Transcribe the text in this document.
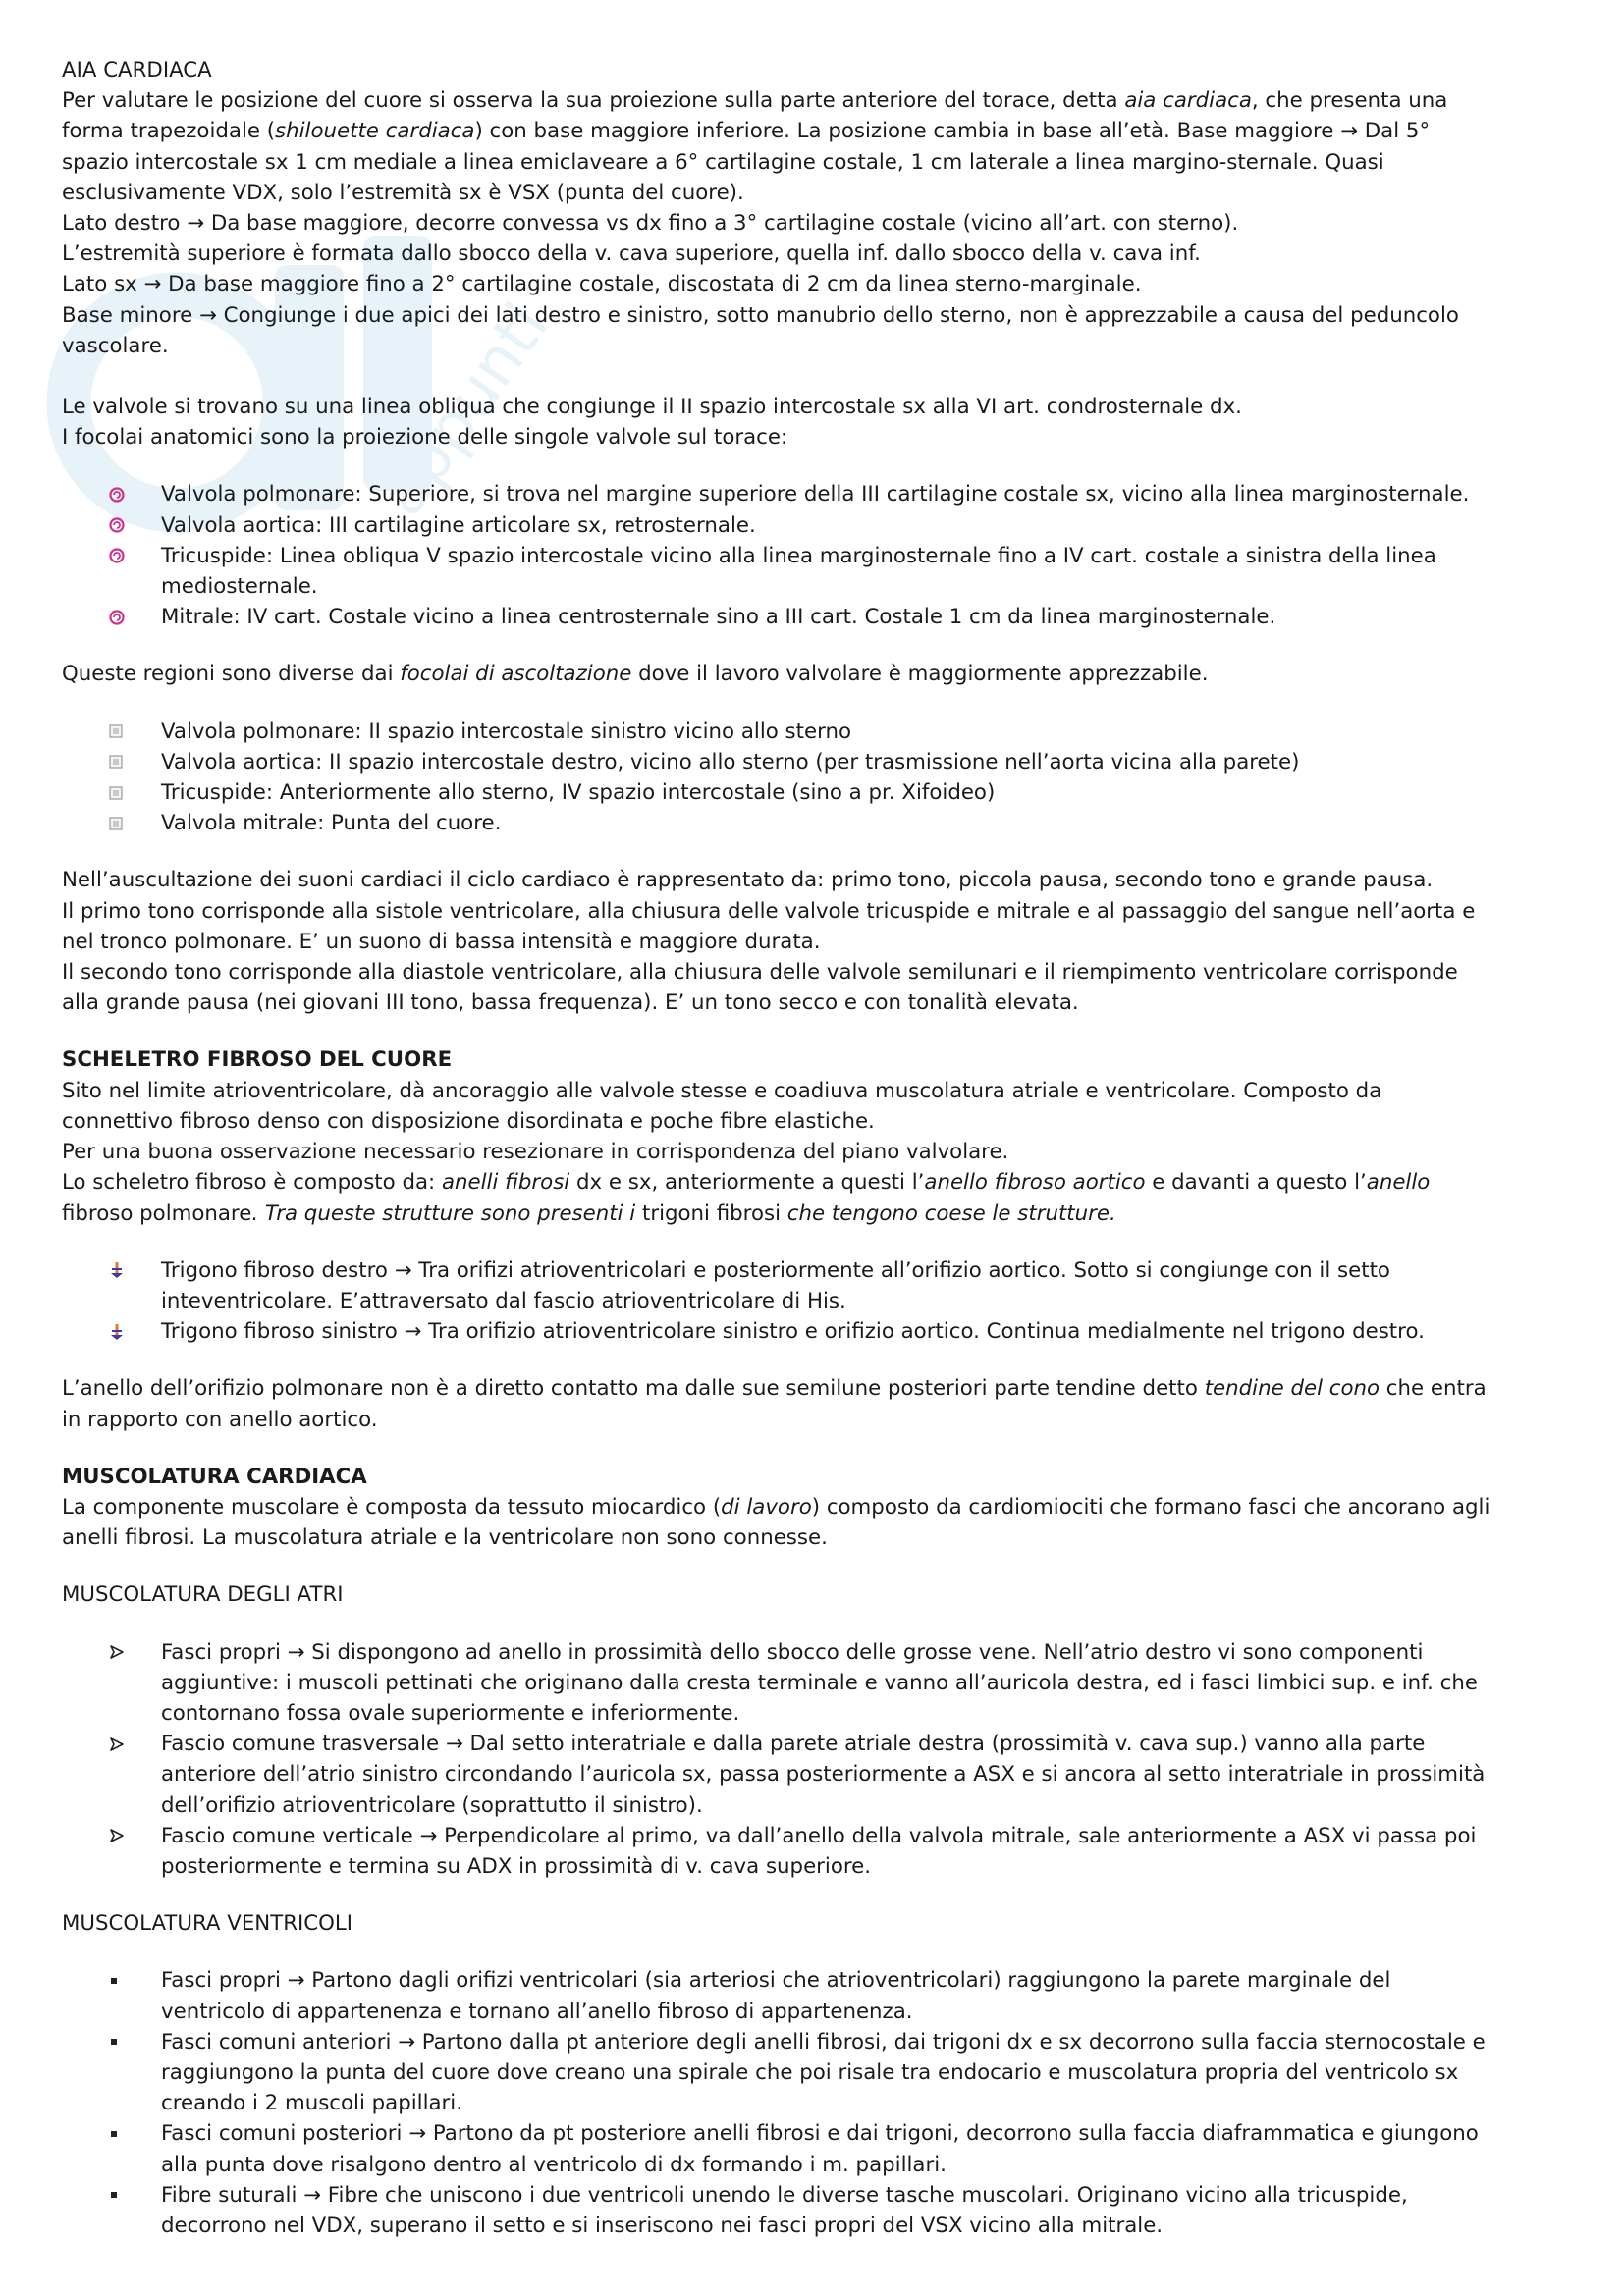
appunti

AIA CARDIACA

Per valutare le posizione del cuore si osserva la sua proiezione sulla parte anteriore del torace, detta aia cardiaca, che presenta una

forma trapezoidale (shilouette cardiaca) con base maggiore inferiore. La posizione cambia in base all’età. Base maggiore → Dal 5°

spazio intercostale sx 1 cm mediale a linea emiclaveare a 6° cartilagine costale, 1 cm laterale a linea margino-sternale. Quasi

esclusivamente VDX, solo l’estremità sx è VSX (punta del cuore).

Lato destro → Da base maggiore, decorre convessa vs dx fino a 3° cartilagine costale (vicino all’art. con sterno).

L’estremità superiore è formata dallo sbocco della v. cava superiore, quella inf. dallo sbocco della v. cava inf.

Lato sx → Da base maggiore fino a 2° cartilagine costale, discostata di 2 cm da linea sterno-marginale.

Base minore → Congiunge i due apici dei lati destro e sinistro, sotto manubrio dello sterno, non è apprezzabile a causa del peduncolo

vascolare.

Le valvole si trovano su una linea obliqua che congiunge il II spazio intercostale sx alla VI art. condrosternale dx.

I focolai anatomici sono la proiezione delle singole valvole sul torace:

Valvola polmonare: Superiore, si trova nel margine superiore della III cartilagine costale sx, vicino alla linea marginosternale.
Valvola aortica: III cartilagine articolare sx, retrosternale.
Tricuspide: Linea obliqua V spazio intercostale vicino alla linea marginosternale fino a IV cart. costale a sinistra della linea
mediosternale.
Mitrale: IV cart. Costale vicino a linea centrosternale sino a III cart. Costale 1 cm da linea marginosternale.

Queste regioni sono diverse dai focolai di ascoltazione dove il lavoro valvolare è maggiormente apprezzabile.

Valvola polmonare: II spazio intercostale sinistro vicino allo sterno
Valvola aortica: II spazio intercostale destro, vicino allo sterno (per trasmissione nell’aorta vicina alla parete)
Tricuspide: Anteriormente allo sterno, IV spazio intercostale (sino a pr. Xifoideo)
Valvola mitrale: Punta del cuore.

Nell’auscultazione dei suoni cardiaci il ciclo cardiaco è rappresentato da: primo tono, piccola pausa, secondo tono e grande pausa.

Il primo tono corrisponde alla sistole ventricolare, alla chiusura delle valvole tricuspide e mitrale e al passaggio del sangue nell’aorta e

nel tronco polmonare. E’ un suono di bassa intensità e maggiore durata.

Il secondo tono corrisponde alla diastole ventricolare, alla chiusura delle valvole semilunari e il riempimento ventricolare corrisponde

alla grande pausa (nei giovani III tono, bassa frequenza). E’ un tono secco e con tonalità elevata.

SCHELETRO FIBROSO DEL CUORE

Sito nel limite atrioventricolare, dà ancoraggio alle valvole stesse e coadiuva muscolatura atriale e ventricolare. Composto da

connettivo fibroso denso con disposizione disordinata e poche fibre elastiche.

Per una buona osservazione necessario resezionare in corrispondenza del piano valvolare.

Lo scheletro fibroso è composto da: anelli fibrosi dx e sx, anteriormente a questi l’anello fibroso aortico e davanti a questo l’anello

fibroso polmonare. Tra queste strutture sono presenti i trigoni fibrosi che tengono coese le strutture.

Trigono fibroso destro → Tra orifizi atrioventricolari e posteriormente all’orifizio aortico. Sotto si congiunge con il setto
inteventricolare. E’attraversato dal fascio atrioventricolare di His.
Trigono fibroso sinistro → Tra orifizio atrioventricolare sinistro e orifizio aortico. Continua medialmente nel trigono destro.

L’anello dell’orifizio polmonare non è a diretto contatto ma dalle sue semilune posteriori parte tendine detto tendine del cono che entra

in rapporto con anello aortico.

MUSCOLATURA CARDIACA

La componente muscolare è composta da tessuto miocardico (di lavoro) composto da cardiomiociti che formano fasci che ancorano agli

anelli fibrosi. La muscolatura atriale e la ventricolare non sono connesse.

MUSCOLATURA DEGLI ATRI

Fasci propri → Si dispongono ad anello in prossimità dello sbocco delle grosse vene. Nell’atrio destro vi sono componenti
aggiuntive: i muscoli pettinati che originano dalla cresta terminale e vanno all’auricola destra, ed i fasci limbici sup. e inf. che
contornano fossa ovale superiormente e inferiormente.
Fascio comune trasversale → Dal setto interatriale e dalla parete atriale destra (prossimità v. cava sup.) vanno alla parte
anteriore dell’atrio sinistro circondando l’auricola sx, passa posteriormente a ASX e si ancora al setto interatriale in prossimità
dell’orifizio atrioventricolare (soprattutto il sinistro).
Fascio comune verticale → Perpendicolare al primo, va dall’anello della valvola mitrale, sale anteriormente a ASX vi passa poi
posteriormente e termina su ADX in prossimità di v. cava superiore.

MUSCOLATURA VENTRICOLI

Fasci propri → Partono dagli orifizi ventricolari (sia arteriosi che atrioventricolari) raggiungono la parete marginale del
ventricolo di appartenenza e tornano all’anello fibroso di appartenenza.
Fasci comuni anteriori → Partono dalla pt anteriore degli anelli fibrosi, dai trigoni dx e sx decorrono sulla faccia sternocostale e
raggiungono la punta del cuore dove creano una spirale che poi risale tra endocario e muscolatura propria del ventricolo sx
creando i 2 muscoli papillari.
Fasci comuni posteriori → Partono da pt posteriore anelli fibrosi e dai trigoni, decorrono sulla faccia diaframmatica e giungono
alla punta dove risalgono dentro al ventricolo di dx formando i m. papillari.
Fibre suturali → Fibre che uniscono i due ventricoli unendo le diverse tasche muscolari. Originano vicino alla tricuspide,
decorrono nel VDX, superano il setto e si inseriscono nei fasci propri del VSX vicino alla mitrale.
